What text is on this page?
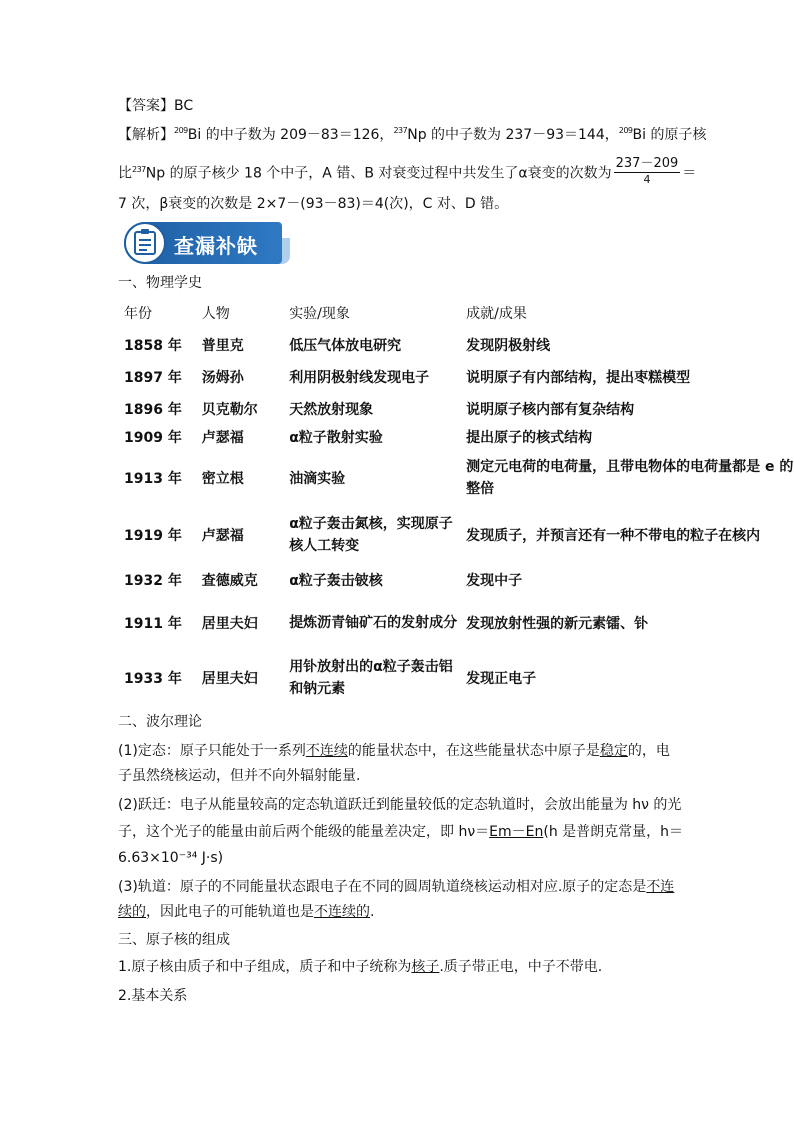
【答案】BC
【解析】$^{209}$Bi 的中子数为 209－83＝126，$^{237}$Np 的中子数为 237－93＝144，$^{209}$Bi 的原子核
比$^{237}$Np 的原子核少 18 个中子，A 错、B 对衰变过程中共发生了α衰变的次数为 $\frac{237-209}{4}$ ＝
7 次，β衰变的次数是 2×7－(93－83)＝4(次)，C 对、D 错。
查漏补缺
一、物理学史
年份	人物	实验/现象	成就/成果
1858 年	普里克	低压气体放电研究	发现阴极射线
1897 年	汤姆孙	利用阴极射线发现电子	说明原子有内部结构，提出枣糕模型
1896 年	贝克勒尔	天然放射现象	说明原子核内部有复杂结构
1909 年	卢瑟福	α粒子散射实验	提出原子的核式结构
1913 年	密立根	油滴实验	测定元电荷的电荷量，且带电物体的电荷量都是 e 的整倍
1919 年	卢瑟福	α粒子轰击氮核，实现原子核人工转变	发现质子，并预言还有一种不带电的粒子在核内
1932 年	查德威克	α粒子轰击铍核	发现中子
1911 年	居里夫妇	提炼沥青铀矿石的发射成分	发现放射性强的新元素镭、钋
1933 年	居里夫妇	用钋放射出的α粒子轰击铝和钠元素	发现正电子
二、波尔理论
(1)定态：原子只能处于一系列不连续的能量状态中，在这些能量状态中原子是稳定的，电
子虽然绕核运动，但并不向外辐射能量.
(2)跃迁：电子从能量较高的定态轨道跃迁到能量较低的定态轨道时，会放出能量为 hν 的光
子，这个光子的能量由前后两个能级的能量差决定，即 hν＝Em－En(h 是普朗克常量，h＝
6.63×10⁻³⁴ J·s)
(3)轨道：原子的不同能量状态跟电子在不同的圆周轨道绕核运动相对应.原子的定态是不连
续的，因此电子的可能轨道也是不连续的.
三、原子核的组成
1.原子核由质子和中子组成，质子和中子统称为核子.质子带正电，中子不带电.
2.基本关系
